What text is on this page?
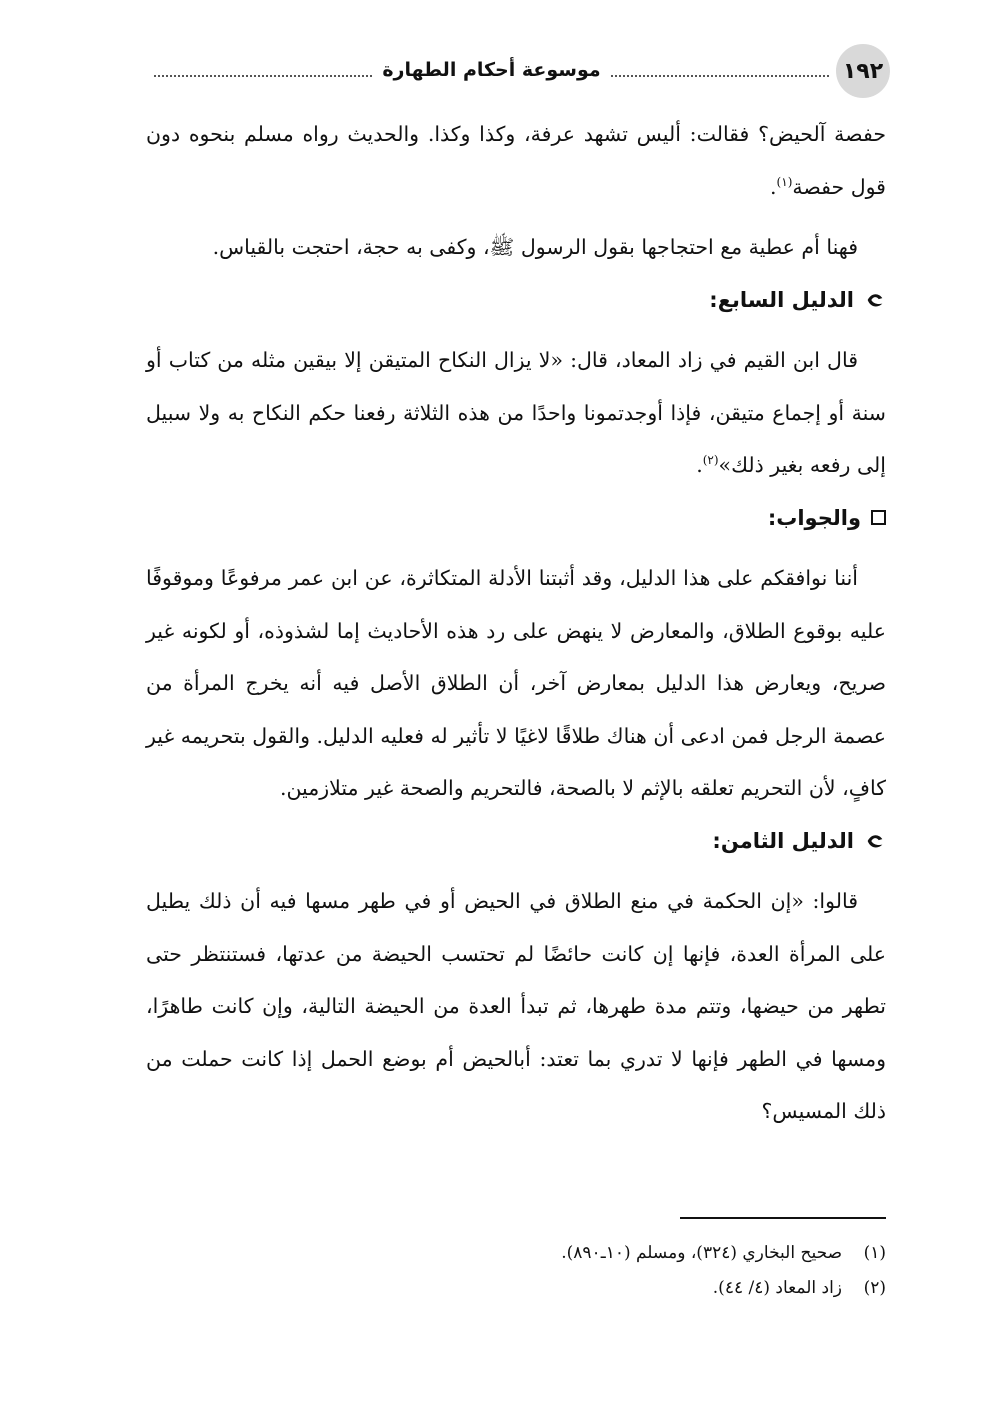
١٩٢
موسوعة أحكام الطهارة

حفصة آلحيض؟ فقالت: أليس تشهد عرفة، وكذا وكذا. والحديث رواه مسلم بنحوه دون قول حفصة$^{(١)}$.

فهنا أم عطية مع احتجاجها بقول الرسول ﷺ، وكفى به حجة، احتجت بالقياس.

الدليل السابع:

قال ابن القيم في زاد المعاد، قال: «لا يزال النكاح المتيقن إلا بيقين مثله من كتاب أو سنة أو إجماع متيقن، فإذا أوجدتمونا واحدًا من هذه الثلاثة رفعنا حكم النكاح به ولا سبيل إلى رفعه بغير ذلك»$^{(٢)}$.

والجواب:

أننا نوافقكم على هذا الدليل، وقد أثبتنا الأدلة المتكاثرة، عن ابن عمر مرفوعًا وموقوفًا عليه بوقوع الطلاق، والمعارض لا ينهض على رد هذه الأحاديث إما لشذوذه، أو لكونه غير صريح، ويعارض هذا الدليل بمعارض آخر، أن الطلاق الأصل فيه أنه يخرج المرأة من عصمة الرجل فمن ادعى أن هناك طلاقًا لاغيًا لا تأثير له فعليه الدليل. والقول بتحريمه غير كافٍ، لأن التحريم تعلقه بالإثم لا بالصحة، فالتحريم والصحة غير متلازمين.

الدليل الثامن:

قالوا: «إن الحكمة في منع الطلاق في الحيض أو في طهر مسها فيه أن ذلك يطيل على المرأة العدة، فإنها إن كانت حائضًا لم تحتسب الحيضة من عدتها، فستنتظر حتى تطهر من حيضها، وتتم مدة طهرها، ثم تبدأ العدة من الحيضة التالية، وإن كانت طاهرًا، ومسها في الطهر فإنها لا تدري بما تعتد: أبالحيض أم بوضع الحمل إذا كانت حملت من ذلك المسيس؟

(١)
صحيح البخاري (٣٢٤)، ومسلم (١٠ـ٨٩٠).
(٢)
زاد المعاد (٤/ ٤٤).
